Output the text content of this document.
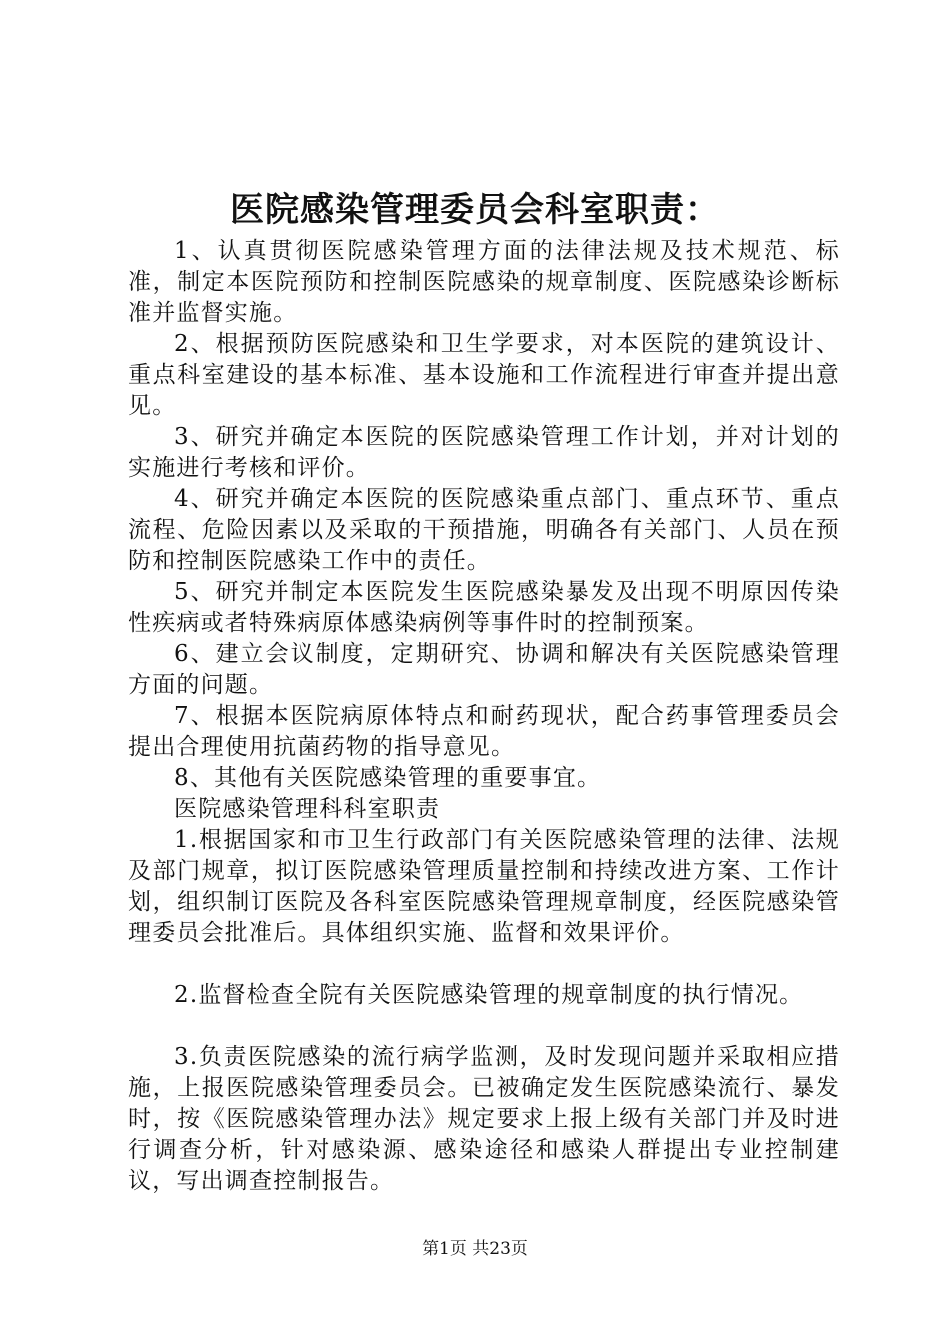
医院感染管理委员会科室职责：

1、认真贯彻医院感染管理方面的法律法规及技术规范、标准，制定本医院预防和控制医院感染的规章制度、医院感染诊断标准并监督实施。

2、根据预防医院感染和卫生学要求，对本医院的建筑设计、重点科室建设的基本标准、基本设施和工作流程进行审查并提出意见。

3、研究并确定本医院的医院感染管理工作计划，并对计划的实施进行考核和评价。

4、研究并确定本医院的医院感染重点部门、重点环节、重点流程、危险因素以及采取的干预措施，明确各有关部门、人员在预防和控制医院感染工作中的责任。

5、研究并制定本医院发生医院感染暴发及出现不明原因传染性疾病或者特殊病原体感染病例等事件时的控制预案。

6、建立会议制度，定期研究、协调和解决有关医院感染管理方面的问题。

7、根据本医院病原体特点和耐药现状，配合药事管理委员会提出合理使用抗菌药物的指导意见。

8、其他有关医院感染管理的重要事宜。

医院感染管理科科室职责

1.根据国家和市卫生行政部门有关医院感染管理的法律、法规及部门规章，拟订医院感染管理质量控制和持续改进方案、工作计划，组织制订医院及各科室医院感染管理规章制度，经医院感染管理委员会批准后。具体组织实施、监督和效果评价。

2.监督检查全院有关医院感染管理的规章制度的执行情况。

3.负责医院感染的流行病学监测，及时发现问题并采取相应措施，上报医院感染管理委员会。已被确定发生医院感染流行、暴发时，按《医院感染管理办法》规定要求上报上级有关部门并及时进行调查分析，针对感染源、感染途径和感染人群提出专业控制建议，写出调查控制报告。

第1页 共23页
